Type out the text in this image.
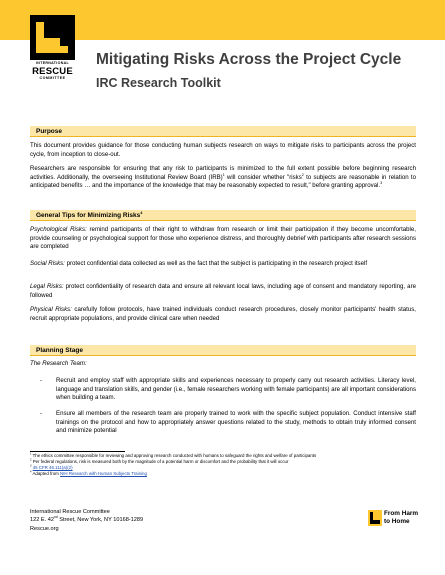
INTERNATIONAL
RESCUE
COMMITTEE
Mitigating Risks Across the Project Cycle
IRC Research Toolkit
Purpose
This document provides guidance for those conducting human subjects research on ways to mitigate risks to participants across the project cycle, from inception to close-out.
Researchers are responsible for ensuring that any risk to participants is minimized to the full extent possible before beginning research activities. Additionally, the overseeing Institutional Review Board (IRB)$^1$ will consider whether "risks$^2$ to subjects are reasonable in relation to anticipated benefits … and the importance of the knowledge that may be reasonably expected to result," before granting approval.$^3$
General Tips for Minimizing Risks$^4$
Psychological Risks: remind participants of their right to withdraw from research or limit their participation if they become uncomfortable, provide counseling or psychological support for those who experience distress, and thoroughly debrief with participants after research sessions are completed
Social Risks: protect confidential data collected as well as the fact that the subject is participating in the research project itself
Legal Risks: protect confidentiality of research data and ensure all relevant local laws, including age of consent and mandatory reporting, are followed
Physical Risks: carefully follow protocols, have trained individuals conduct research procedures, closely monitor participants' health status, recruit appropriate populations, and provide clinical care when needed
Planning Stage
The Research Team:
- Recruit and employ staff with appropriate skills and experiences necessary to properly carry out research activities. Literacy level, language and translation skills, and gender (i.e., female researchers working with female participants) are all important considerations when building a team.
- Ensure all members of the research team are properly trained to work with the specific subject population. Conduct intensive staff trainings on the protocol and how to appropriately answer questions related to the study, methods to obtain truly informed consent and minimize potential
$^1$ The ethics committee responsible for reviewing and approving research conducted with humans to safeguard the rights and welfare of participants
$^2$ Per federal regulations, risk is measured both by the magnitude of a potential harm or discomfort and the probability that it will occur
$^3$ 45 CFR 46.111(a)(2)
$^4$ Adapted from NIH Research with Human Subjects Training
International Rescue Committee
122 E. 42nd Street, New York, NY 10168-1289
Rescue.org
From Harm
to Home
